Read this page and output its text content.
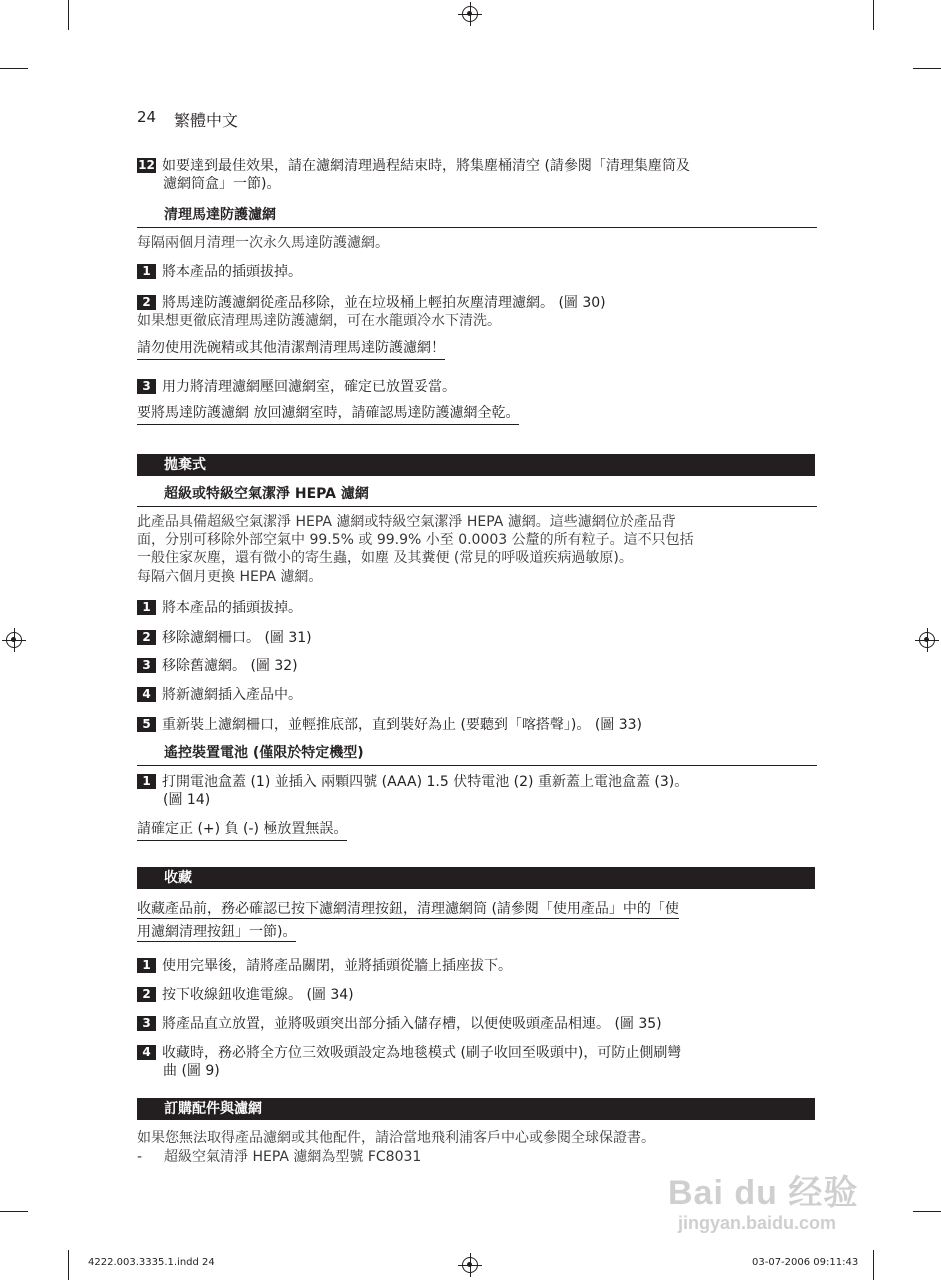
24 繁體中文
12 如要達到最佳效果，請在濾網清理過程結束時，將集塵桶清空 (請參閱「清理集塵筒及
濾網筒盒」一節)。
清理馬達防護濾網
每隔兩個月清理一次永久馬達防護濾網。
1 將本產品的插頭拔掉。
2 將馬達防護濾網從產品移除，並在垃圾桶上輕拍灰塵清理濾網。 (圖 30)
如果想更徹底清理馬達防護濾網，可在水龍頭冷水下清洗。
請勿使用洗碗精或其他清潔劑清理馬達防護濾網！
3 用力將清理濾網壓回濾網室，確定已放置妥當。
要將馬達防護濾網 放回濾網室時，請確認馬達防護濾網全乾。
拋棄式
超級或特級空氣潔淨 HEPA 濾網
此產品具備超級空氣潔淨 HEPA 濾網或特級空氣潔淨 HEPA 濾網。這些濾網位於產品背
面，分別可移除外部空氣中 99.5% 或 99.9% 小至 0.0003 公釐的所有粒子。這不只包括
一般住家灰塵，還有微小的寄生蟲，如塵 及其糞便 (常見的呼吸道疾病過敏原)。
每隔六個月更換 HEPA 濾網。
1 將本產品的插頭拔掉。
2 移除濾網柵口。 (圖 31)
3 移除舊濾網。 (圖 32)
4 將新濾網插入產品中。
5 重新裝上濾網柵口，並輕推底部，直到裝好為止 (要聽到「喀搭聲」)。 (圖 33)
遙控裝置電池 (僅限於特定機型)
1 打開電池盒蓋 (1) 並插入 兩顆四號 (AAA) 1.5 伏特電池 (2) 重新蓋上電池盒蓋 (3)。
(圖 14)
請確定正 (+) 負 (-) 極放置無誤。
收藏
收藏產品前，務必確認已按下濾網清理按鈕，清理濾網筒 (請參閱「使用產品」中的「使
用濾網清理按鈕」一節)。
1 使用完畢後，請將產品關閉，並將插頭從牆上插座拔下。
2 按下收線鈕收進電線。 (圖 34)
3 將產品直立放置，並將吸頭突出部分插入儲存槽，以便使吸頭產品相連。 (圖 35)
4 收藏時，務必將全方位三效吸頭設定為地毯模式 (刷子收回至吸頭中)，可防止側刷彎
曲 (圖 9)
訂購配件與濾網
如果您無法取得產品濾網或其他配件，請洽當地飛利浦客戶中心或參閱全球保證書。
-	超級空氣清淨 HEPA 濾網為型號 FC8031
Bai du 经验
jingyan.baidu.com
4222.003.3335.1.indd 24	03-07-2006 09:11:43
